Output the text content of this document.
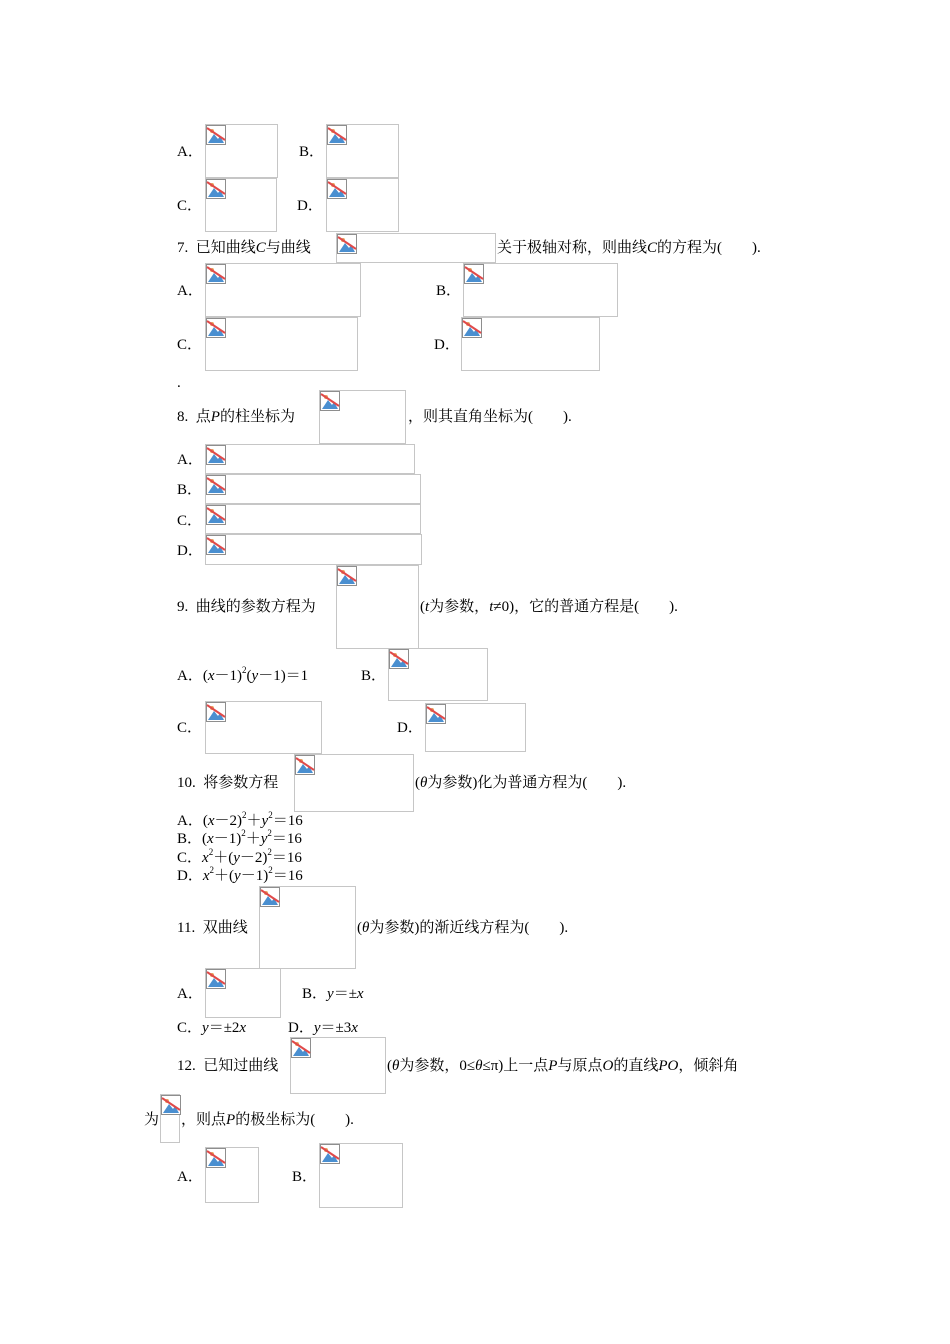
A．	B．
C．	D．
7. 已知曲线C与曲线	关于极轴对称，则曲线C的方程为(　　).
A．	B．
C．	D．
.
8. 点P的柱坐标为	，则其直角坐标为(　　).
A．
B．
C．
D．
9. 曲线的参数方程为	(t为参数，t≠0)，它的普通方程是(　　).
A．$(x-1)^2(y-1)=1$	B．
C．	D．
10. 将参数方程	(θ为参数)化为普通方程为(　　).
A．$(x-2)^2+y^2=16$
B．$(x-1)^2+y^2=16$
C．$x^2+(y-2)^2=16$
D．$x^2+(y-1)^2=16$
11. 双曲线	(θ为参数)的渐近线方程为(　　).
A．	B．y＝±x
C．y＝±2x	D．y＝±3x
12. 已知过曲线	(θ为参数，0≤θ≤π)上一点P与原点O的直线PO，倾斜角
为 ，则点P的极坐标为(　　).
A．	B．
